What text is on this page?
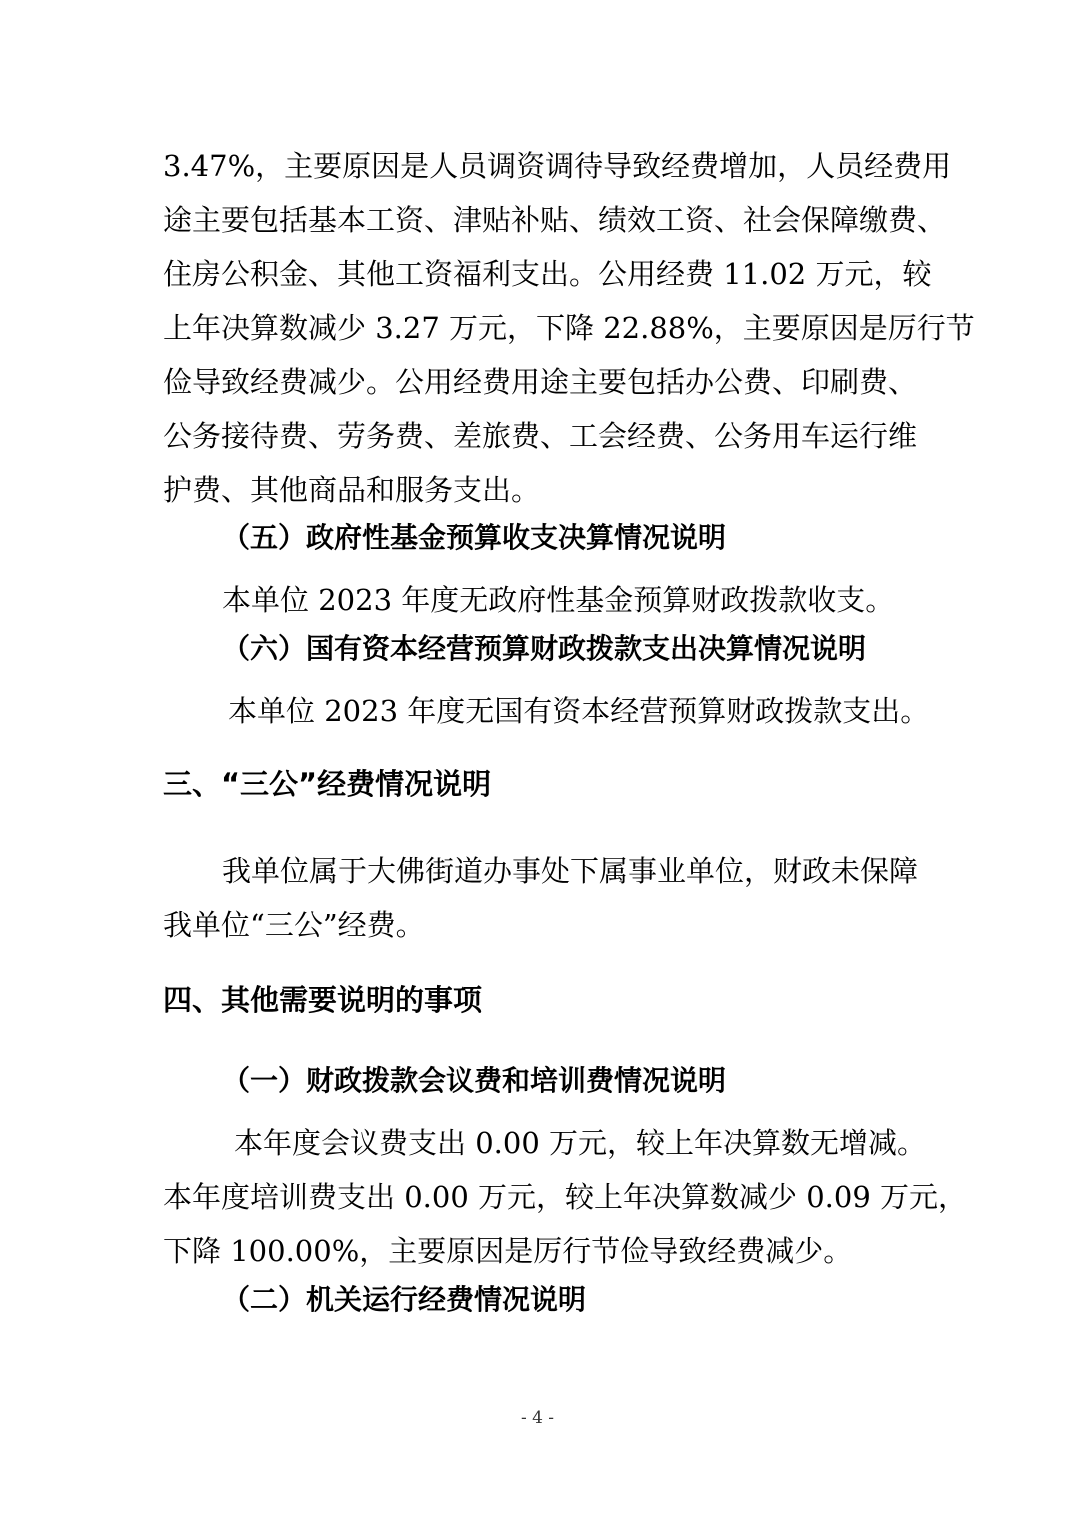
3.47%，主要原因是人员调资调待导致经费增加，人员经费用
途主要包括基本工资、津贴补贴、绩效工资、社会保障缴费、
住房公积金、其他工资福利支出。公用经费 11.02 万元，较
上年决算数减少 3.27 万元，下降 22.88%，主要原因是厉行节
俭导致经费减少。公用经费用途主要包括办公费、印刷费、
公务接待费、劳务费、差旅费、工会经费、公务用车运行维
护费、其他商品和服务支出。
（五）政府性基金预算收支决算情况说明
本单位 2023 年度无政府性基金预算财政拨款收支。
（六）国有资本经营预算财政拨款支出决算情况说明
本单位 2023 年度无国有资本经营预算财政拨款支出。
三、“三公”经费情况说明
我单位属于大佛街道办事处下属事业单位，财政未保障
我单位“三公”经费。
四、其他需要说明的事项
（一）财政拨款会议费和培训费情况说明
本年度会议费支出 0.00 万元，较上年决算数无增减。
本年度培训费支出 0.00 万元，较上年决算数减少 0.09 万元，
下降 100.00%，主要原因是厉行节俭导致经费减少。
（二）机关运行经费情况说明
- 4 -
